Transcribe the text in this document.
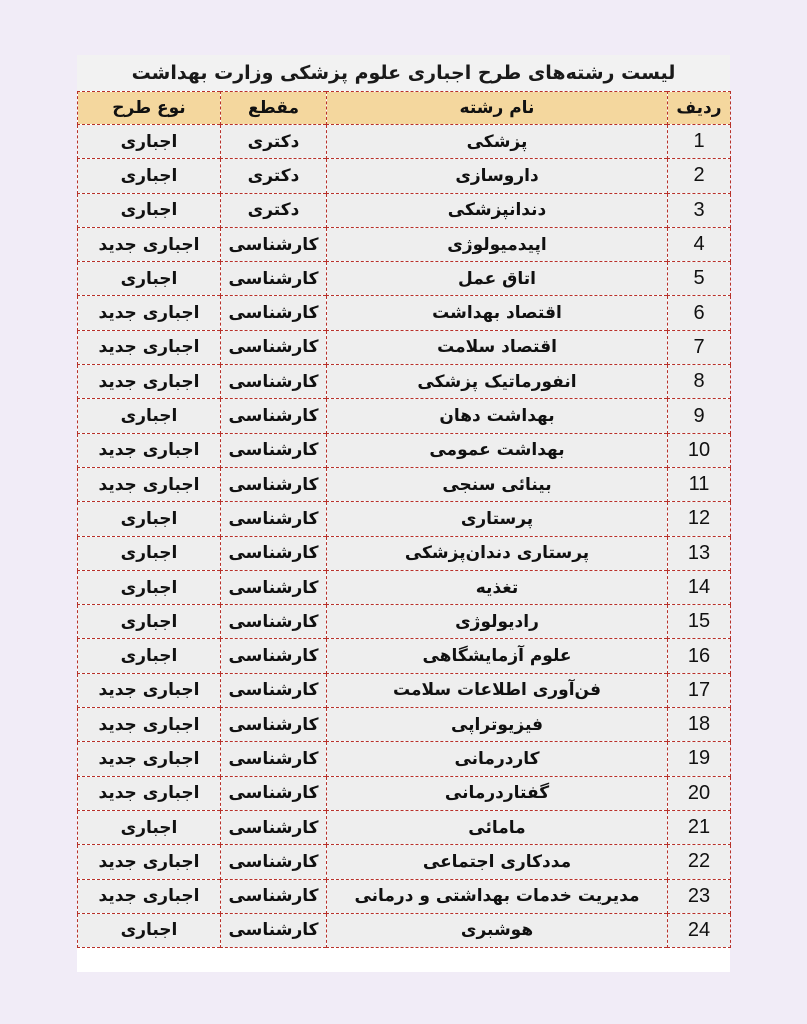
لیست رشته‌های طرح اجباری علوم پزشکی وزارت بهداشت
ردیف	نام رشته	مقطع	نوع طرح
1	پزشکی	دکتری	اجباری
2	داروسازی	دکتری	اجباری
3	دندانپزشکی	دکتری	اجباری
4	اپیدمیولوژی	کارشناسی	اجباری جدید
5	اتاق عمل	کارشناسی	اجباری
6	اقتصاد بهداشت	کارشناسی	اجباری جدید
7	اقتصاد سلامت	کارشناسی	اجباری جدید
8	انفورماتیک پزشکی	کارشناسی	اجباری جدید
9	بهداشت دهان	کارشناسی	اجباری
10	بهداشت عمومی	کارشناسی	اجباری جدید
11	بینائی سنجی	کارشناسی	اجباری جدید
12	پرستاری	کارشناسی	اجباری
13	پرستاری دندان‌پزشکی	کارشناسی	اجباری
14	تغذیه	کارشناسی	اجباری
15	رادیولوژی	کارشناسی	اجباری
16	علوم آزمایشگاهی	کارشناسی	اجباری
17	فن‌آوری اطلاعات سلامت	کارشناسی	اجباری جدید
18	فیزیوتراپی	کارشناسی	اجباری جدید
19	کاردرمانی	کارشناسی	اجباری جدید
20	گفتاردرمانی	کارشناسی	اجباری جدید
21	مامائی	کارشناسی	اجباری
22	مددکاری اجتماعی	کارشناسی	اجباری جدید
23	مدیریت خدمات بهداشتی و درمانی	کارشناسی	اجباری جدید
24	هوشبری	کارشناسی	اجباری
